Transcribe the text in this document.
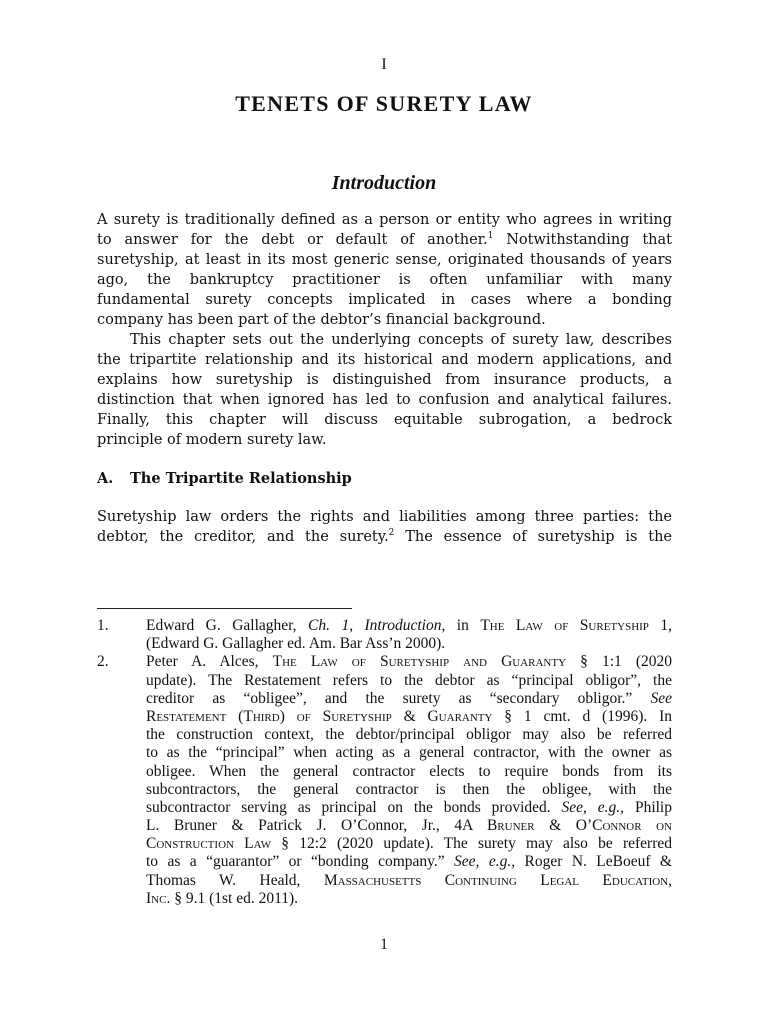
I
TENETS OF SURETY LAW
Introduction
A surety is traditionally defined as a person or entity who agrees in writing
to answer for the debt or default of another.$^1$ Notwithstanding that
suretyship, at least in its most generic sense, originated thousands of years
ago, the bankruptcy practitioner is often unfamiliar with many
fundamental surety concepts implicated in cases where a bonding
company has been part of the debtor’s financial background.
This chapter sets out the underlying concepts of surety law, describes
the tripartite relationship and its historical and modern applications, and
explains how suretyship is distinguished from insurance products, a
distinction that when ignored has led to confusion and analytical failures.
Finally, this chapter will discuss equitable subrogation, a bedrock
principle of modern surety law.
A. The Tripartite Relationship
Suretyship law orders the rights and liabilities among three parties: the
debtor, the creditor, and the surety.$^2$ The essence of suretyship is the
1.	Edward G. Gallagher, Ch. 1, Introduction, in The Law of Suretyship 1,
(Edward G. Gallagher ed. Am. Bar Ass’n 2000).
2.	Peter A. Alces, The Law of Suretyship and Guaranty § 1:1 (2020
update). The Restatement refers to the debtor as “principal obligor”, the
creditor as “obligee”, and the surety as “secondary obligor.” See
Restatement (Third) of Suretyship & Guaranty § 1 cmt. d (1996). In
the construction context, the debtor/principal obligor may also be referred
to as the “principal” when acting as a general contractor, with the owner as
obligee. When the general contractor elects to require bonds from its
subcontractors, the general contractor is then the obligee, with the
subcontractor serving as principal on the bonds provided. See, e.g., Philip
L. Bruner & Patrick J. O’Connor, Jr., 4A Bruner & O’Connor on
Construction Law § 12:2 (2020 update). The surety may also be referred
to as a “guarantor” or “bonding company.” See, e.g., Roger N. LeBoeuf &
Thomas W. Heald, Massachusetts Continuing Legal Education,
Inc. § 9.1 (1st ed. 2011).
1
